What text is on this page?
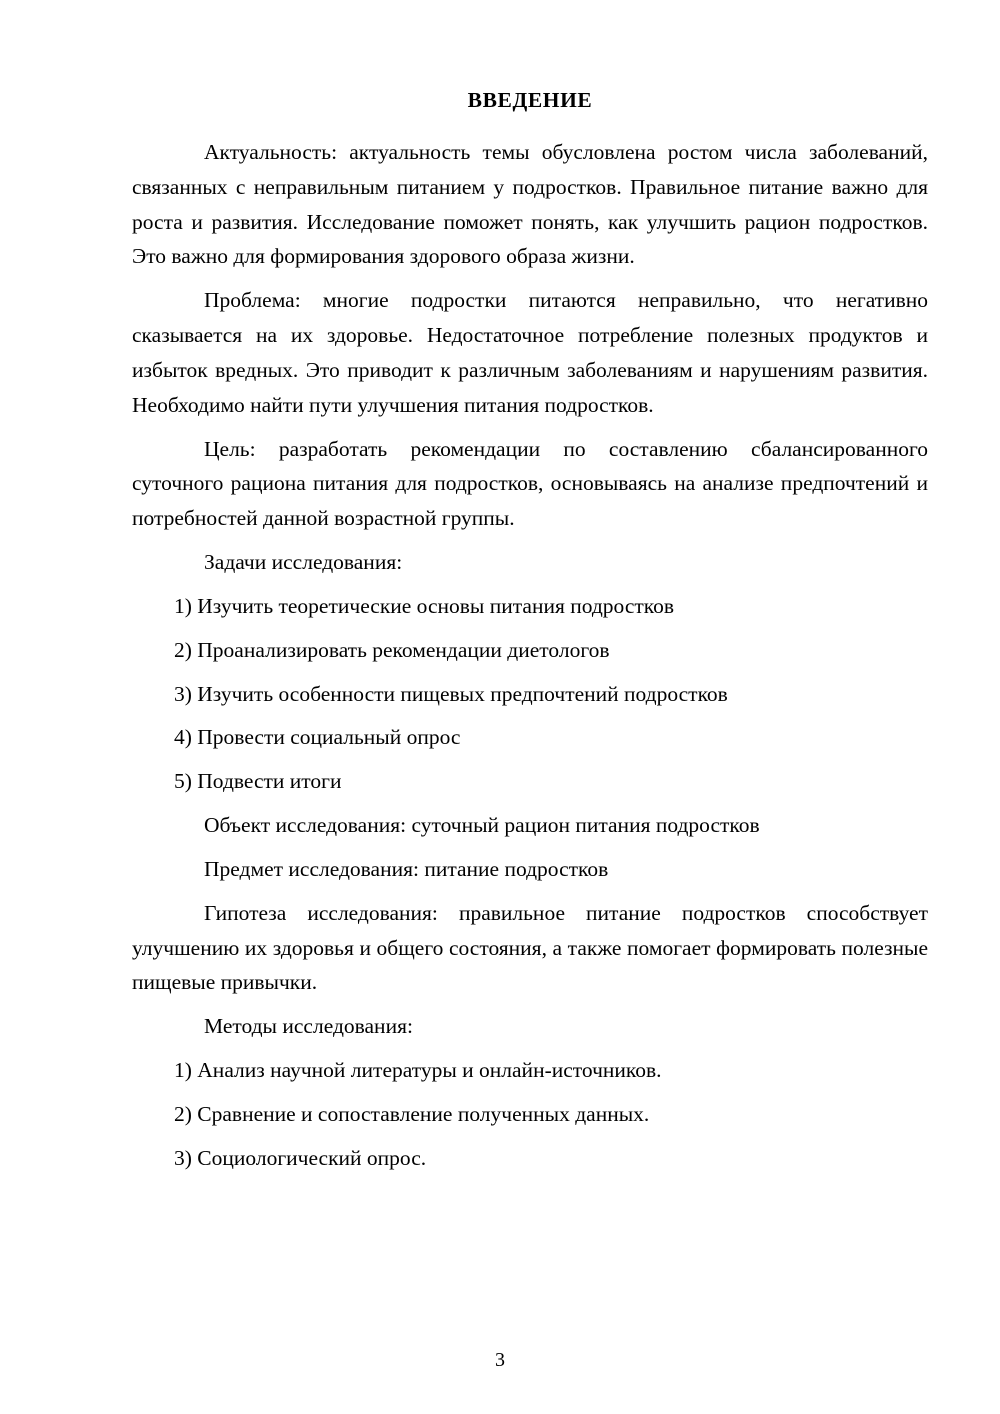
ВВЕДЕНИЕ

Актуальность: актуальность темы обусловлена ростом числа заболеваний, связанных с неправильным питанием у подростков. Правильное питание важно для роста и развития. Исследование поможет понять, как улучшить рацион подростков. Это важно для формирования здорового образа жизни.

Проблема: многие подростки питаются неправильно, что негативно сказывается на их здоровье. Недостаточное потребление полезных продуктов и избыток вредных. Это приводит к различным заболеваниям и нарушениям развития. Необходимо найти пути улучшения питания подростков.

Цель: разработать рекомендации по составлению сбалансированного суточного рациона питания для подростков, основываясь на анализе предпочтений и потребностей данной возрастной группы.

Задачи исследования:

1) Изучить теоретические основы питания подростков

2) Проанализировать рекомендации диетологов

3) Изучить особенности пищевых предпочтений подростков

4) Провести социальный опрос

5) Подвести итоги

Объект исследования: суточный рацион питания подростков

Предмет исследования: питание подростков

Гипотеза исследования: правильное питание подростков способствует улучшению их здоровья и общего состояния, а также помогает формировать полезные пищевые привычки.

Методы исследования:

1) Анализ научной литературы и онлайн-источников.

2) Сравнение и сопоставление полученных данных.

3) Социологический опрос.

3
